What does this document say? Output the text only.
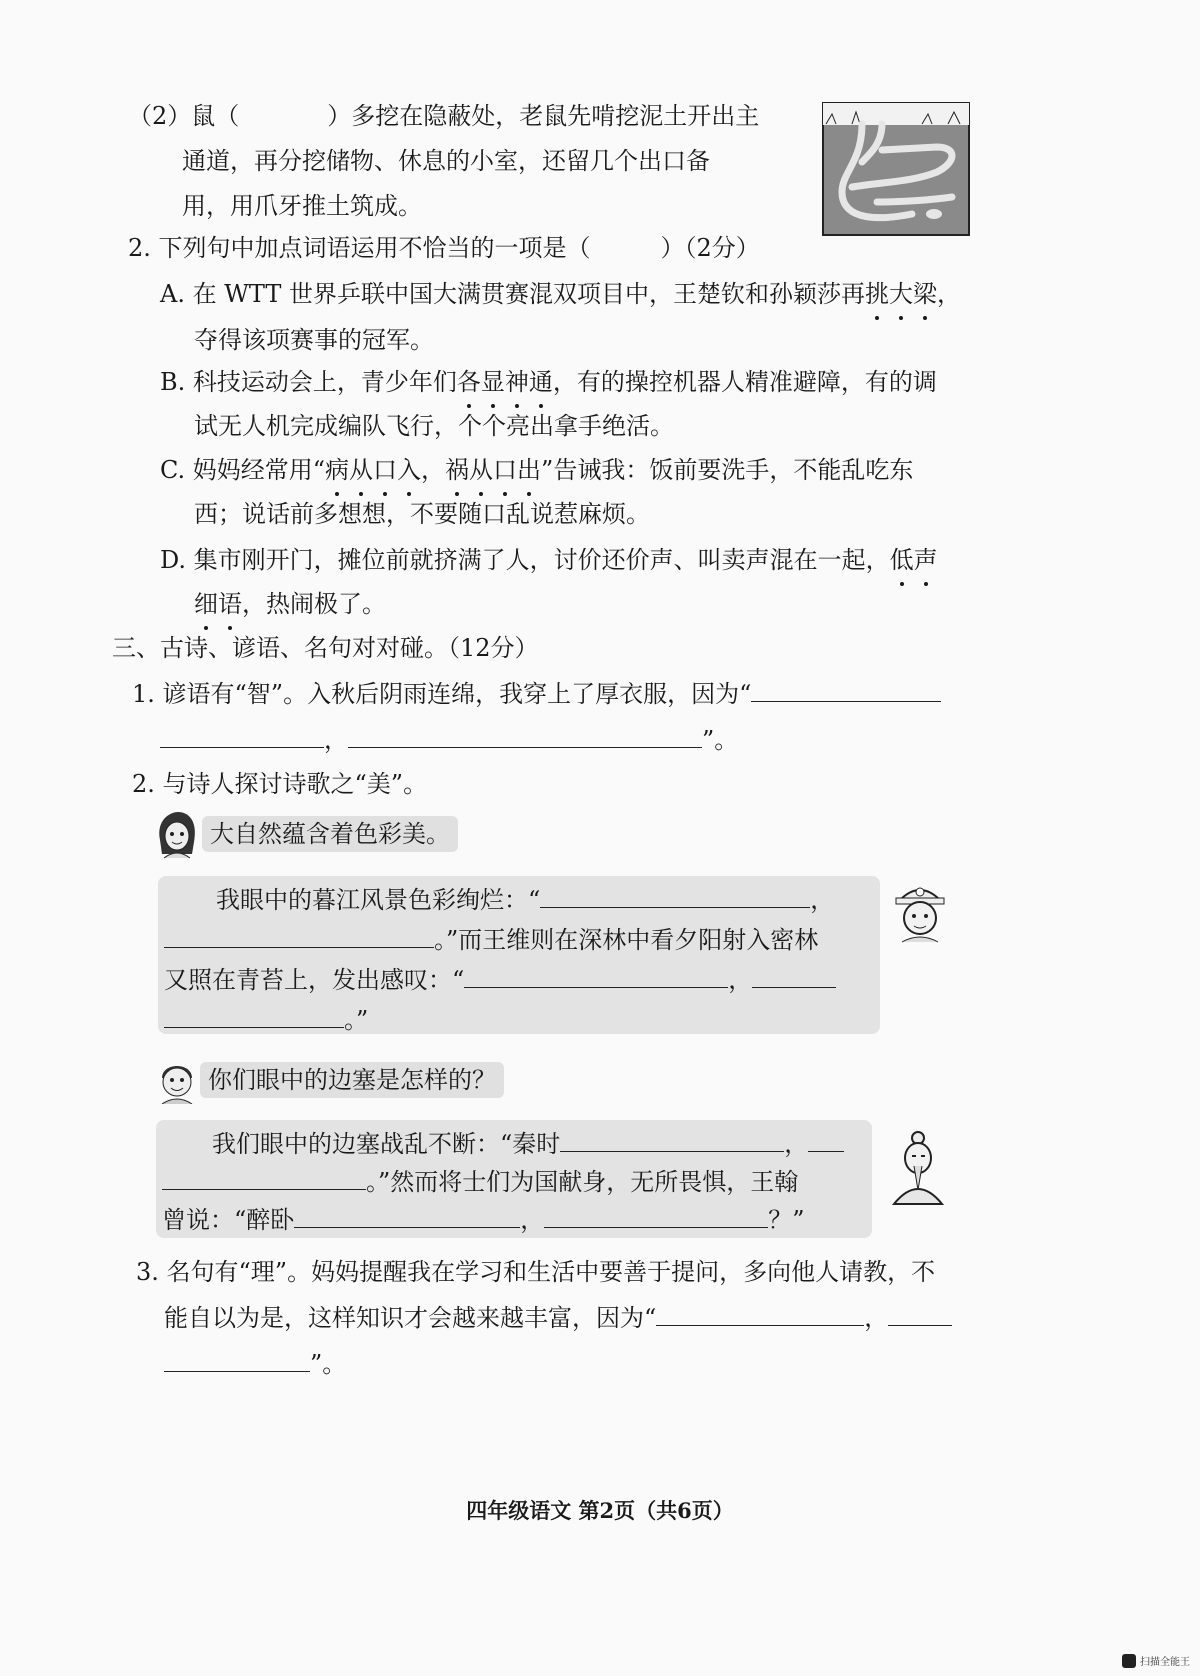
（2）鼠（	）多挖在隐蔽处，老鼠先啃挖泥土开出主
通道，再分挖储物、休息的小室，还留几个出口备
用，用爪牙推土筑成。
2. 下列句中加点词语运用不恰当的一项是（	）（2分）
A. 在 WTT 世界乒联中国大满贯赛混双项目中，王楚钦和孙颖莎再挑大梁，
夺得该项赛事的冠军。
B. 科技运动会上，青少年们各显神通，有的操控机器人精准避障，有的调
试无人机完成编队飞行，个个亮出拿手绝活。
C. 妈妈经常用“病从口入，祸从口出”告诫我：饭前要洗手，不能乱吃东
西；说话前多想想，不要随口乱说惹麻烦。
D. 集市刚开门，摊位前就挤满了人，讨价还价声、叫卖声混在一起，低声
细语，热闹极了。
三、古诗、谚语、名句对对碰。（12分）
1. 谚语有“智”。入秋后阴雨连绵，我穿上了厚衣服，因为“
，	”。
2. 与诗人探讨诗歌之“美”。
大自然蕴含着色彩美。
我眼中的暮江风景色彩绚烂：“	，
。”而王维则在深林中看夕阳射入密林
又照在青苔上，发出感叹：“	，
。”
你们眼中的边塞是怎样的？
我们眼中的边塞战乱不断：“秦时	，
。”然而将士们为国献身，无所畏惧，王翰
曾说：“醉卧	，	？”
3. 名句有“理”。妈妈提醒我在学习和生活中要善于提问，多向他人请教，不
能自以为是，这样知识才会越来越丰富，因为“	，
”。
四年级语文 第2页（共6页）
扫描全能王
